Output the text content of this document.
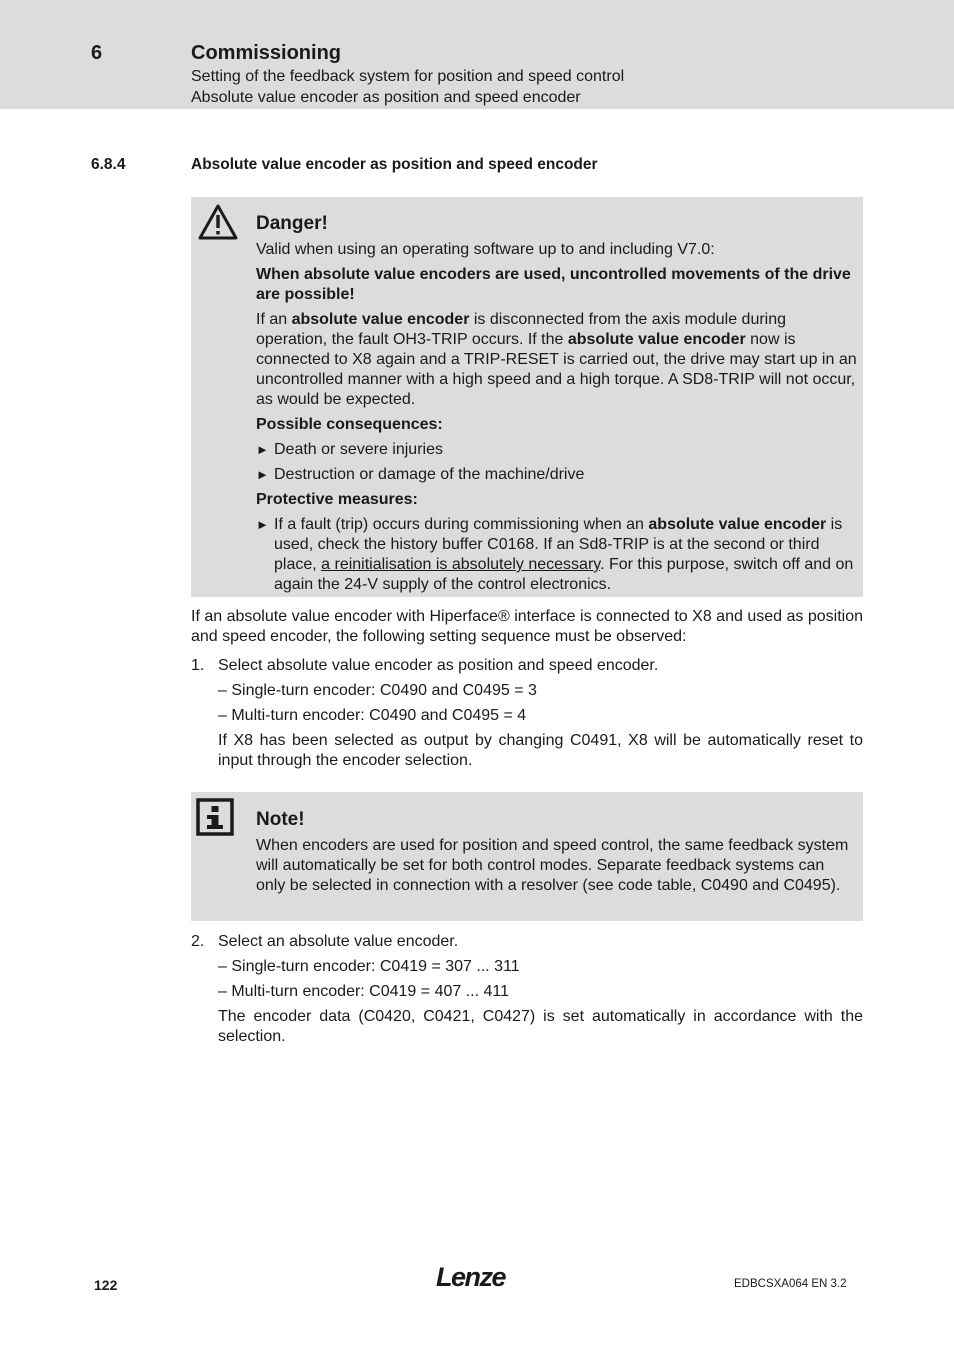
6	Commissioning
Setting of the feedback system for position and speed control
Absolute value encoder as position and speed encoder
6.8.4	Absolute value encoder as position and speed encoder
Danger!
Valid when using an operating software up to and including V7.0:
When absolute value encoders are used, uncontrolled movements of the drive are possible!
If an absolute value encoder is disconnected from the axis module during operation, the fault OH3-TRIP occurs. If the absolute value encoder now is connected to X8 again and a TRIP-RESET is carried out, the drive may start up in an uncontrolled manner with a high speed and a high torque. A SD8-TRIP will not occur, as would be expected.
Possible consequences:
► Death or severe injuries
► Destruction or damage of the machine/drive
Protective measures:
► If a fault (trip) occurs during commissioning when an absolute value encoder is used, check the history buffer C0168. If an Sd8-TRIP is at the second or third place, a reinitialisation is absolutely necessary. For this purpose, switch off and on again the 24-V supply of the control electronics.
If an absolute value encoder with Hiperface® interface is connected to X8 and used as position and speed encoder, the following setting sequence must be observed:
1. Select absolute value encoder as position and speed encoder.
– Single-turn encoder: C0490 and C0495 = 3
– Multi-turn encoder: C0490 and C0495 = 4
If X8 has been selected as output by changing C0491, X8 will be automatically reset to input through the encoder selection.
Note!
When encoders are used for position and speed control, the same feedback system will automatically be set for both control modes. Separate feedback systems can only be selected in connection with a resolver (see code table, C0490 and C0495).
2. Select an absolute value encoder.
– Single-turn encoder: C0419 = 307 ... 311
– Multi-turn encoder: C0419 = 407 ... 411
The encoder data (C0420, C0421, C0427) is set automatically in accordance with the selection.
122	Lenze	EDBCSXA064 EN 3.2
